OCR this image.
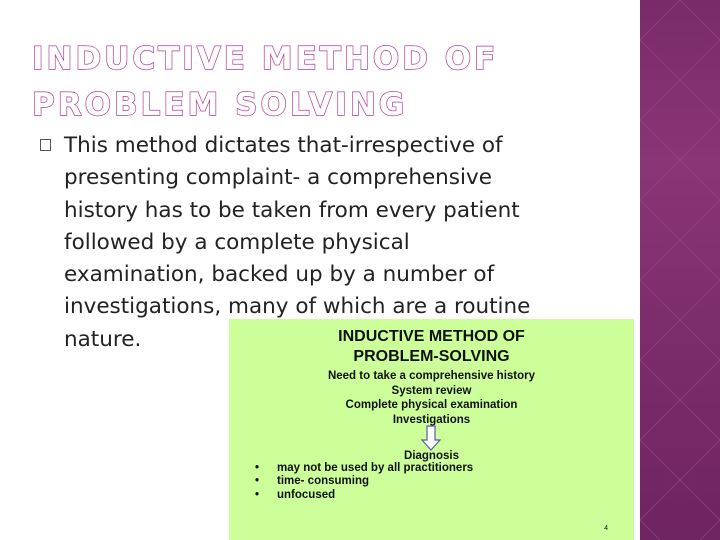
INDUCTIVE METHOD OF PROBLEM SOLVING

This method dictates that-irrespective of
presenting complaint- a comprehensive
history has to be taken from every patient
followed by a complete physical
examination, backed up by a number of
investigations, many of which are a routine
nature.	INDUCTIVE METHOD OF
PROBLEM-SOLVING
Need to take a comprehensive history
System review
Complete physical examination
Investigations
Diagnosis
• may not be used by all practitioners
• time- consuming
• unfocused
4
